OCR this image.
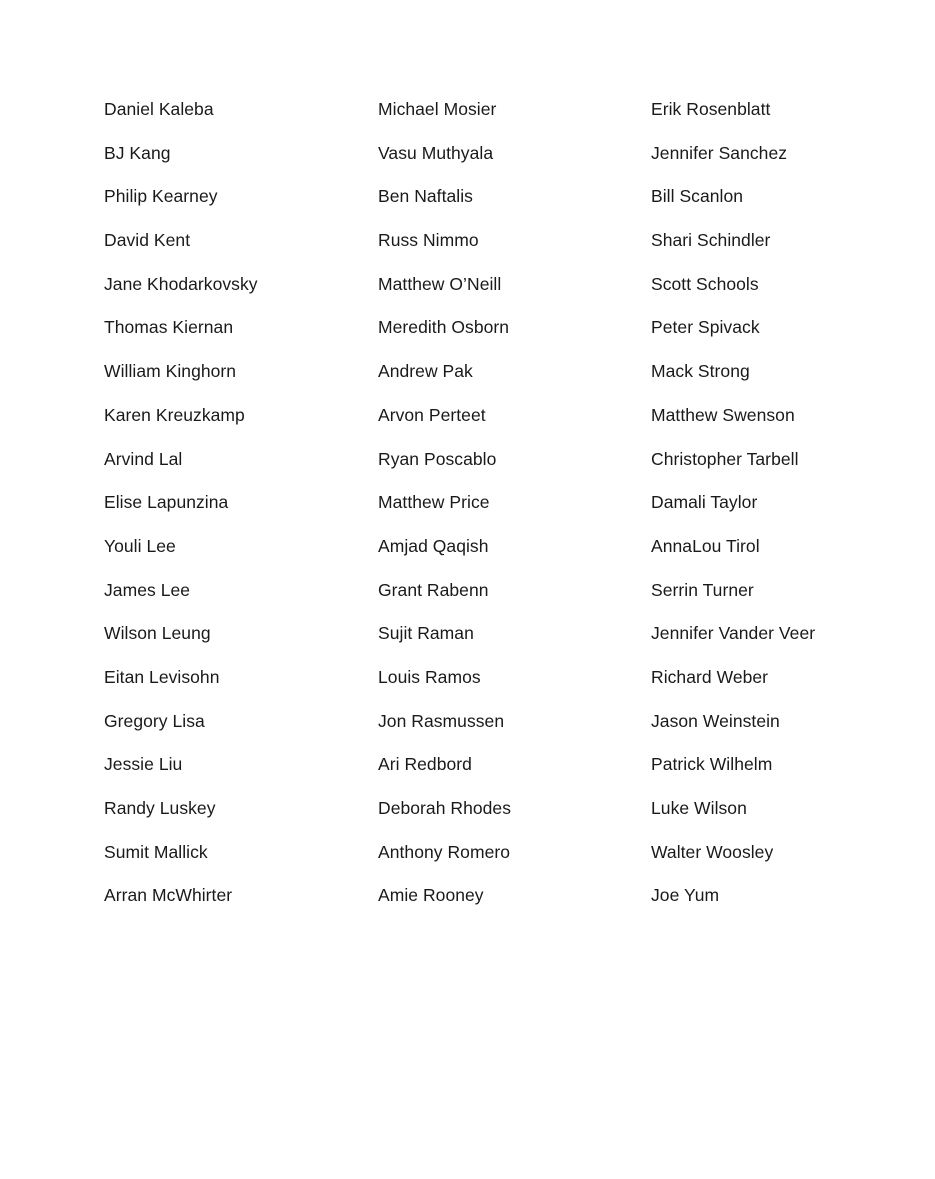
Daniel Kaleba
BJ Kang
Philip Kearney
David Kent
Jane Khodarkovsky
Thomas Kiernan
William Kinghorn
Karen Kreuzkamp
Arvind Lal
Elise Lapunzina
Youli Lee
James Lee
Wilson Leung
Eitan Levisohn
Gregory Lisa
Jessie Liu
Randy Luskey
Sumit Mallick
Arran McWhirter
Michael Mosier
Vasu Muthyala
Ben Naftalis
Russ Nimmo
Matthew O’Neill
Meredith Osborn
Andrew Pak
Arvon Perteet
Ryan Poscablo
Matthew Price
Amjad Qaqish
Grant Rabenn
Sujit Raman
Louis Ramos
Jon Rasmussen
Ari Redbord
Deborah Rhodes
Anthony Romero
Amie Rooney
Erik Rosenblatt
Jennifer Sanchez
Bill Scanlon
Shari Schindler
Scott Schools
Peter Spivack
Mack Strong
Matthew Swenson
Christopher Tarbell
Damali Taylor
AnnaLou Tirol
Serrin Turner
Jennifer Vander Veer
Richard Weber
Jason Weinstein
Patrick Wilhelm
Luke Wilson
Walter Woosley
Joe Yum
